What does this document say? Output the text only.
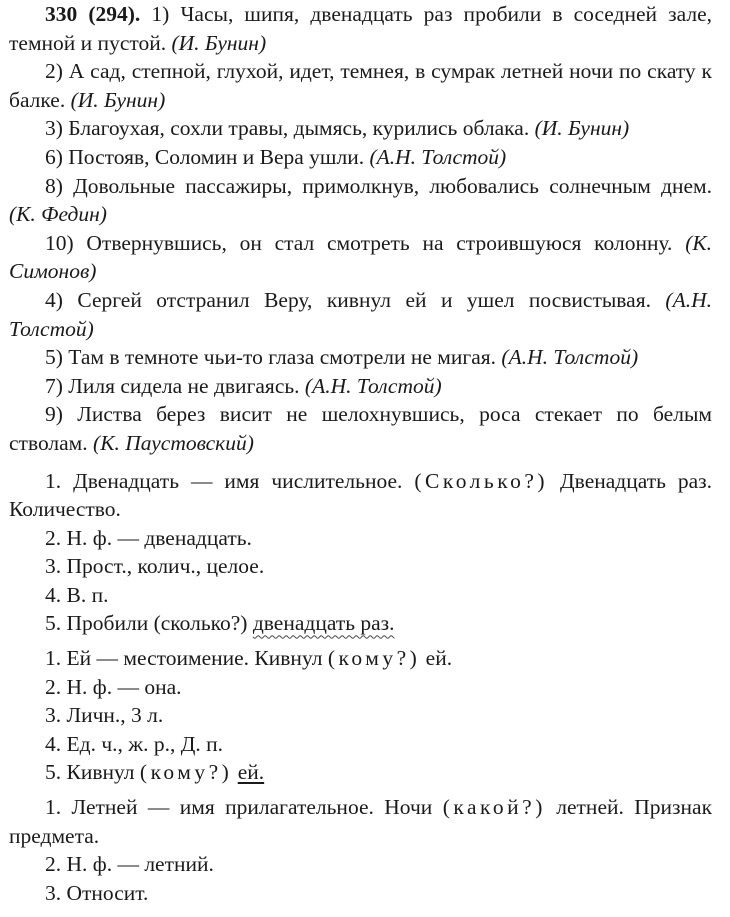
330 (294). 1) Часы, шипя, двенадцать раз пробили в соседней зале, темной и пустой. (И. Бунин)

2) А сад, степной, глухой, идет, темнея, в сумрак летней ночи по скату к балке. (И. Бунин)

3) Благоухая, сохли травы, дымясь, курились облака. (И. Бунин)

6) Постояв, Соломин и Вера ушли. (А.Н. Толстой)

8) Довольные пассажиры, примолкнув, любовались солнечным днем. (К. Федин)

10) Отвернувшись, он стал смотреть на строившуюся колонну. (К. Симонов)

4) Сергей отстранил Веру, кивнул ей и ушел посвистывая. (А.Н. Толстой)

5) Там в темноте чьи-то глаза смотрели не мигая. (А.Н. Толстой)

7) Лиля сидела не двигаясь. (А.Н. Толстой)

9) Листва берез висит не шелохнувшись, роса стекает по белым стволам. (К. Паустовский)

1. Двенадцать — имя числительное. (Сколько?) Двенадцать раз. Количество.

2. Н. ф. — двенадцать.

3. Прост., колич., целое.

4. В. п.

5. Пробили (сколько?) двенадцать раз.

1. Ей — местоимение. Кивнул (кому?) ей.

2. Н. ф. — она.

3. Личн., 3 л.

4. Ед. ч., ж. р., Д. п.

5. Кивнул (кому?) ей.

1. Летней — имя прилагательное. Ночи (какой?) летней. Признак предмета.

2. Н. ф. — летний.

3. Относит.
